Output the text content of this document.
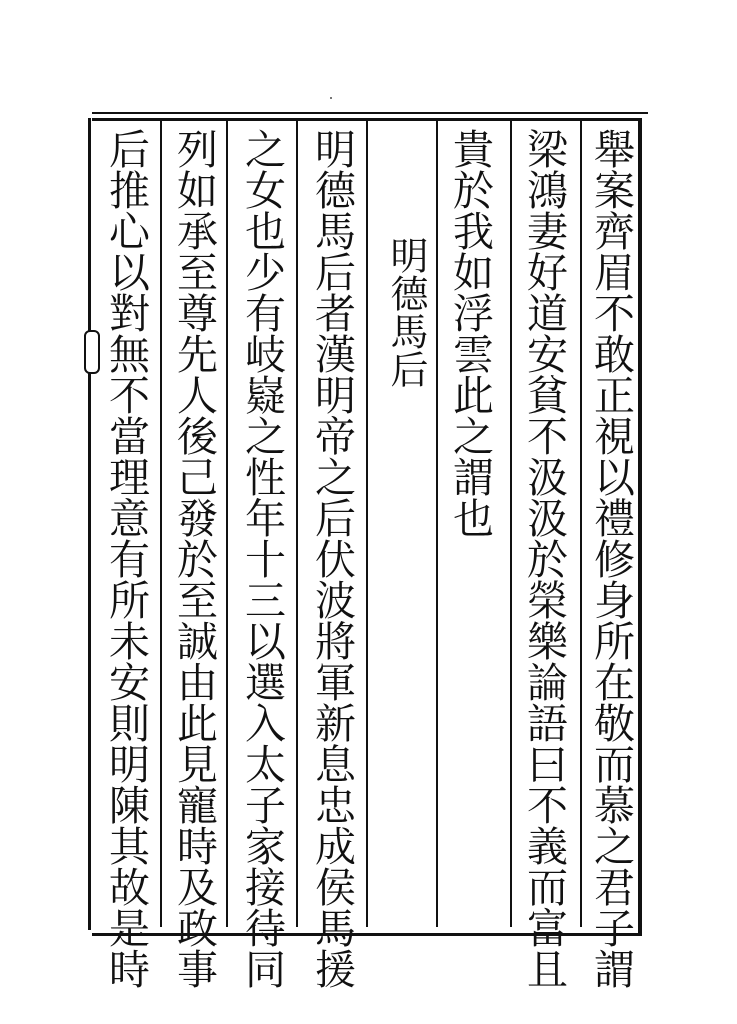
舉案齊眉不敢正視以禮修身所在敬而慕之君子謂
梁鴻妻好道安貧不汲汲於榮樂論語曰不義而富且
貴於我如浮雲此之謂也
明德馬后
明德馬后者漢明帝之后伏波將軍新息忠成侯馬援
之女也少有岐嶷之性年十三以選入太子家接待同
列如承至尊先人後己發於至誠由此見寵時及政事
后推心以對無不當理意有所未安則明陳其故是時
